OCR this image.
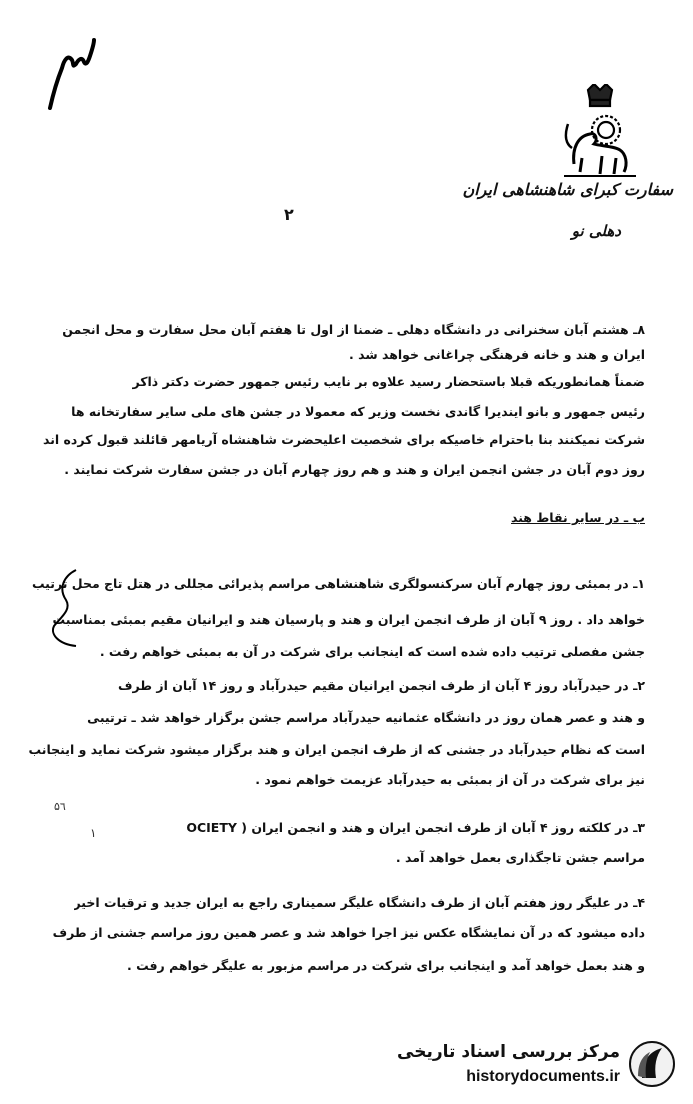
سفارت کبرای شاهنشاهی ایران
دهلی نو
۲
۸ـ هشتم آبان سخنرانی در دانشگاه دهلی ـ ضمنا از اول تا هفتم آبان محل سفارت و محل انجمن
ایران و هند و خانه فرهنگی چراغانی خواهد شد .
ضمناً همانطوریکه قبلا باستحضار رسید علاوه بر نایب رئیس جمهور حضرت دکتر ذاکر
رئیس جمهور و بانو ایندیرا گاندی نخست وزیر که معمولا در جشن های ملی سایر سفارتخانه ها
شرکت نمیکنند بنا باحترام خاصیکه برای شخصیت اعلیحضرت شاهنشاه آریامهر قائلند قبول کرده اند
روز دوم آبان در جشن انجمن ایران و هند و هم روز چهارم آبان در جشن سفارت شرکت نمایند .
ب ـ در سایر نقاط هند
۱ـ در بمبئی روز چهارم آبان سرکنسولگری شاهنشاهی مراسم پذیرائی مجللی در هتل تاج محل ترتیب
خواهد داد . روز ۹ آبان از طرف انجمن ایران و هند و پارسیان هند و ایرانیان مقیم بمبئی بمناسبت
جشن مفصلی ترتیب داده شده است که اینجانب برای شرکت در آن به بمبئی خواهم رفت .
۲ـ در حیدرآباد روز ۴ آبان از طرف انجمن ایرانیان مقیم حیدرآباد و روز ۱۴ آبان از طرف
و هند و عصر همان روز در دانشگاه عثمانیه حیدرآباد مراسم جشن برگزار خواهد شد ـ ترتیبی
است که نظام حیدرآباد در جشنی که از طرف انجمن ایران و هند برگزار میشود شرکت نماید و اینجانب
نیز برای شرکت در آن از بمبئی به حیدرآباد عزیمت خواهم نمود .
۳ـ در کلکته روز ۴ آبان از طرف انجمن ایران و هند و انجمن ایران ( OCIETY
مراسم جشن تاجگذاری بعمل خواهد آمد .
۴ـ در علیگر روز هفتم آبان از طرف دانشگاه علیگر سمیناری راجع به ایران جدید و ترقیات اخیر
داده میشود که در آن نمایشگاه عکس نیز اجرا خواهد شد و عصر همین روز مراسم جشنی از طرف
و هند بعمل خواهد آمد و اینجانب برای شرکت در مراسم مزبور به علیگر خواهم رفت .
۵٦
۱
مرکز بررسی اسناد تاریخی
historydocuments.ir
